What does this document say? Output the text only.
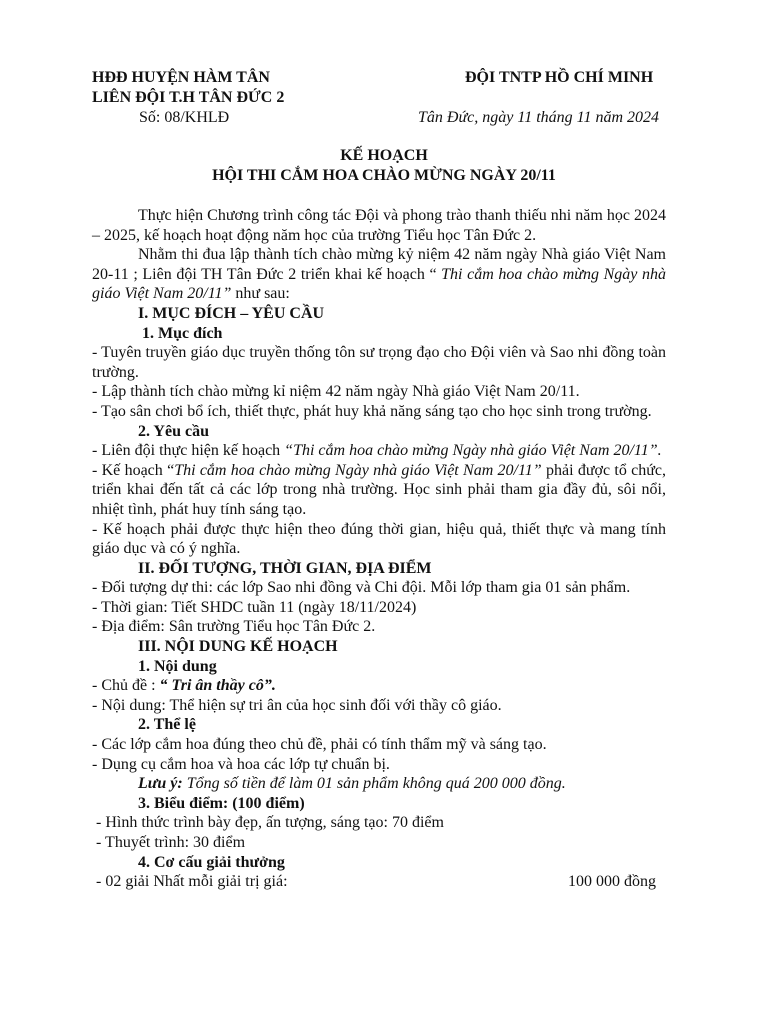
HĐĐ HUYỆN HÀM TÂN
LIÊN ĐỘI T.H TÂN ĐỨC 2
Số: 08/KHLĐ
ĐỘI TNTP HỒ CHÍ MINH
Tân Đức, ngày 11 tháng 11 năm 2024
KẾ HOẠCH
HỘI THI CẮM HOA CHÀO MỪNG NGÀY 20/11

Thực hiện Chương trình công tác Đội và phong trào thanh thiếu nhi năm học 2024 – 2025, kế hoạch hoạt động năm học của trường Tiểu học Tân Đức 2.

Nhằm thi đua lập thành tích chào mừng kỷ niệm 42 năm ngày Nhà giáo Việt Nam 20-11 ; Liên đội TH Tân Đức 2 triển khai kế hoạch “ Thi cắm hoa chào mừng Ngày nhà giáo Việt Nam 20/11” như sau:

I. MỤC ĐÍCH – YÊU CẦU

1. Mục đích

- Tuyên truyền giáo dục truyền thống tôn sư trọng đạo cho Đội viên và Sao nhi đồng toàn trường.

- Lập thành tích chào mừng kỉ niệm 42 năm ngày Nhà giáo Việt Nam 20/11.

- Tạo sân chơi bổ ích, thiết thực, phát huy khả năng sáng tạo cho học sinh trong trường.

2. Yêu cầu

- Liên đội thực hiện kế hoạch “Thi cắm hoa chào mừng Ngày nhà giáo Việt Nam 20/11”.

- Kế hoạch “Thi cắm hoa chào mừng Ngày nhà giáo Việt Nam 20/11” phải được tổ chức, triển khai đến tất cả các lớp trong nhà trường. Học sinh phải tham gia đầy đủ, sôi nổi, nhiệt tình, phát huy tính sáng tạo.

- Kế hoạch phải được thực hiện theo đúng thời gian, hiệu quả, thiết thực và mang tính giáo dục và có ý nghĩa.

II. ĐỐI TƯỢNG, THỜI GIAN, ĐỊA ĐIỂM

- Đối tượng dự thi: các lớp Sao nhi đồng và Chi đội. Mỗi lớp tham gia 01 sản phẩm.

- Thời gian: Tiết SHDC tuần 11 (ngày 18/11/2024)

- Địa điểm: Sân trường Tiểu học Tân Đức 2.

III. NỘI DUNG KẾ HOẠCH

1. Nội dung

- Chủ đề : “ Tri ân thầy cô”.

- Nội dung: Thể hiện sự tri ân của học sinh đối với thầy cô giáo.

2. Thể lệ

- Các lớp cắm hoa đúng theo chủ đề, phải có tính thẩm mỹ và sáng tạo.

- Dụng cụ cắm hoa và hoa các lớp tự chuẩn bị.

Lưu ý: Tổng số tiền để làm 01 sản phẩm không quá 200 000 đồng.

3. Biểu điểm: (100 điểm)

- Hình thức trình bày đẹp, ấn tượng, sáng tạo: 70 điểm

- Thuyết trình: 30 điểm

4. Cơ cấu giải thưởng

- 02 giải Nhất mỗi giải trị giá:	100 000 đồng
